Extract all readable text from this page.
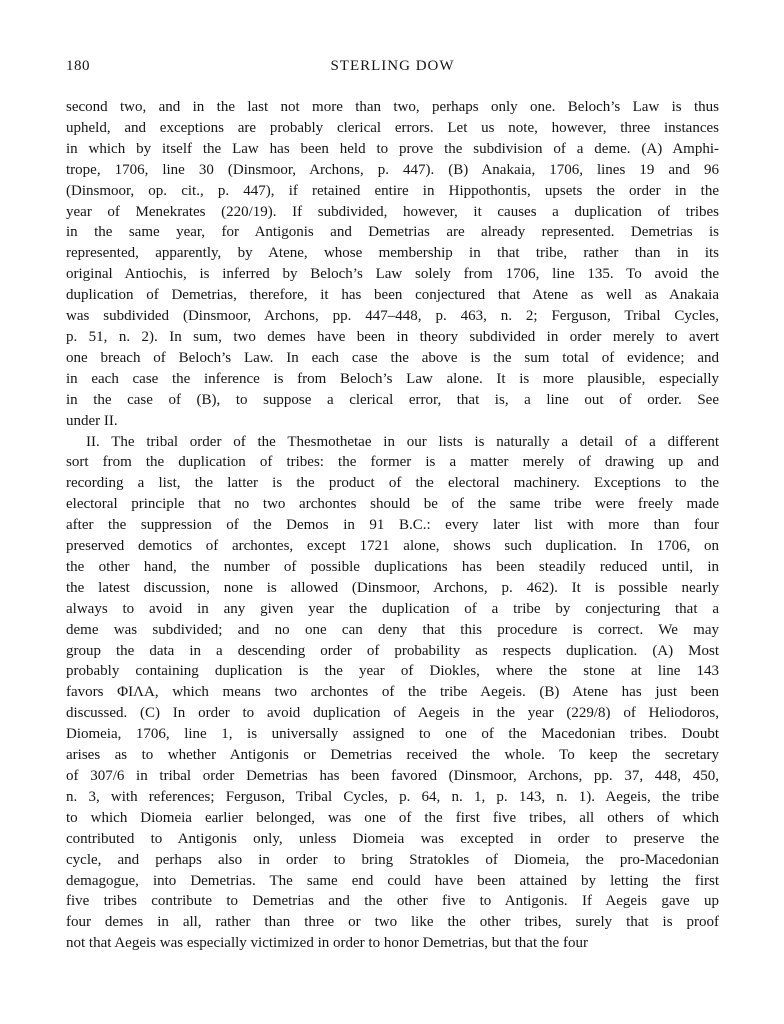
180	STERLING DOW
second two, and in the last not more than two, perhaps only one. Beloch’s Law is thus
upheld, and exceptions are probably clerical errors. Let us note, however, three instances
in which by itself the Law has been held to prove the subdivision of a deme. (A) Amphi-
trope, 1706, line 30 (Dinsmoor, Archons, p. 447). (B) Anakaia, 1706, lines 19 and 96
(Dinsmoor, op. cit., p. 447), if retained entire in Hippothontis, upsets the order in the
year of Menekrates (220/19). If subdivided, however, it causes a duplication of tribes
in the same year, for Antigonis and Demetrias are already represented. Demetrias is
represented, apparently, by Atene, whose membership in that tribe, rather than in its
original Antiochis, is inferred by Beloch’s Law solely from 1706, line 135. To avoid the
duplication of Demetrias, therefore, it has been conjectured that Atene as well as Anakaia
was subdivided (Dinsmoor, Archons, pp. 447–448, p. 463, n. 2; Ferguson, Tribal Cycles,
p. 51, n. 2). In sum, two demes have been in theory subdivided in order merely to avert
one breach of Beloch’s Law. In each case the above is the sum total of evidence; and
in each case the inference is from Beloch’s Law alone. It is more plausible, especially
in the case of (B), to suppose a clerical error, that is, a line out of order. See
under II.
II. The tribal order of the Thesmothetae in our lists is naturally a detail of a different
sort from the duplication of tribes: the former is a matter merely of drawing up and
recording a list, the latter is the product of the electoral machinery. Exceptions to the
electoral principle that no two archontes should be of the same tribe were freely made
after the suppression of the Demos in 91 B.C.: every later list with more than four
preserved demotics of archontes, except 1721 alone, shows such duplication. In 1706, on
the other hand, the number of possible duplications has been steadily reduced until, in
the latest discussion, none is allowed (Dinsmoor, Archons, p. 462). It is possible nearly
always to avoid in any given year the duplication of a tribe by conjecturing that a
deme was subdivided; and no one can deny that this procedure is correct. We may
group the data in a descending order of probability as respects duplication. (A) Most
probably containing duplication is the year of Diokles, where the stone at line 143
favors ΦΙΛΑ, which means two archontes of the tribe Aegeis. (B) Atene has just been
discussed. (C) In order to avoid duplication of Aegeis in the year (229/8) of Heliodoros,
Diomeia, 1706, line 1, is universally assigned to one of the Macedonian tribes. Doubt
arises as to whether Antigonis or Demetrias received the whole. To keep the secretary
of 307/6 in tribal order Demetrias has been favored (Dinsmoor, Archons, pp. 37, 448, 450,
n. 3, with references; Ferguson, Tribal Cycles, p. 64, n. 1, p. 143, n. 1). Aegeis, the tribe
to which Diomeia earlier belonged, was one of the first five tribes, all others of which
contributed to Antigonis only, unless Diomeia was excepted in order to preserve the
cycle, and perhaps also in order to bring Stratokles of Diomeia, the pro-Macedonian
demagogue, into Demetrias. The same end could have been attained by letting the first
five tribes contribute to Demetrias and the other five to Antigonis. If Aegeis gave up
four demes in all, rather than three or two like the other tribes, surely that is proof
not that Aegeis was especially victimized in order to honor Demetrias, but that the four
